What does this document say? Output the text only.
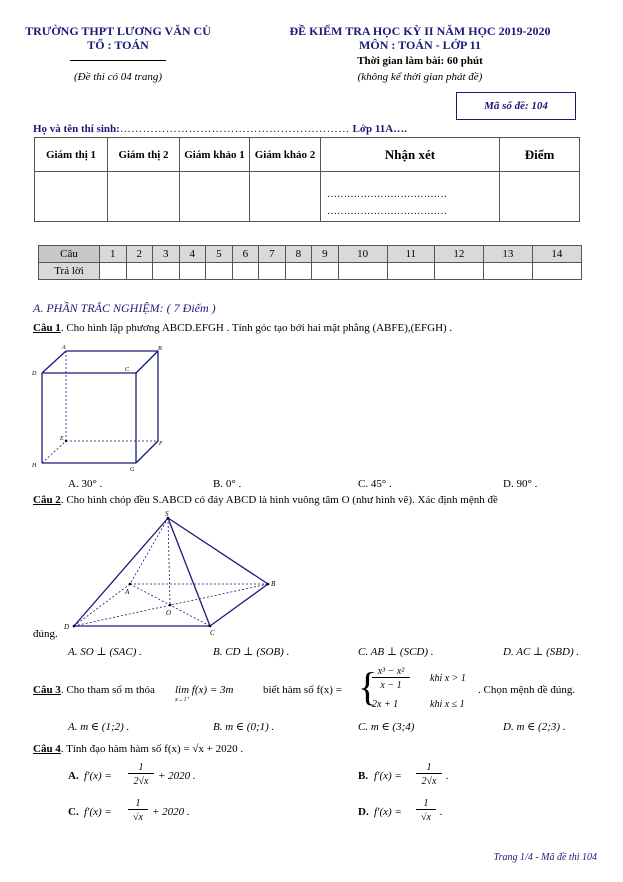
TRƯỜNG THPT LƯƠNG VĂN CÙ
TỔ : TOÁN
(Đề thi có 04 trang)
ĐỀ KIỂM TRA HỌC KỲ II NĂM HỌC 2019-2020
MÔN : TOÁN - LỚP 11
Thời gian làm bài: 60 phút
(không kể thời gian phát đề)
Mã số đề: 104
Họ và tên thí sinh:…………………………………………………… Lớp 11A….
Giám thị 1	Giám thị 2	Giám khảo 1	Giám khảo 2	Nhận xét	Điểm

				………………………………
………………………………	

Câu	1	2	3	4	5	6	7	8	9	10	11	12	13	14
Trả lời														
A. PHẦN TRẮC NGHIỆM: ( 7 Điểm )
Câu 1. Cho hình lập phương ABCD.EFGH . Tính góc tạo bởi hai mặt phẳng (ABFE),(EFGH) .
A	B
C
D
E
F
G
H
A. 30° .	B. 0° .	C. 45° .	D. 90° .
Câu 2. Cho hình chóp đều S.ABCD có đáy ABCD là hình vuông tâm O (như hình vẽ). Xác định mệnh đề
S
A
B
C
D
O
đúng.
A. SO ⊥ (SAC) .	B. CD ⊥ (SOB) .	C. AB ⊥ (SCD) .	D. AC ⊥ (SBD) .
Câu 3. Cho tham số m thỏa lim f(x) = 3m
x→1⁺
biết hàm số f(x) = { x³ − x²
x − 1
khi x > 1
2x + 1	khi x ≤ 1
. Chọn mệnh đề đúng.
A. m ∈ (1;2) .	B. m ∈ (0;1) .	C. m ∈ (3;4)	D. m ∈ (2;3) .
Câu 4. Tính đạo hàm hàm số f(x) = √x + 2020 .
A. f′(x) =
1
2√x + 2020 .	B. f′(x) =
1
2√x .
C. f′(x) =
1
√x + 2020 .	D. f′(x) =
1
√x .
Trang 1/4 - Mã đề thi 104
